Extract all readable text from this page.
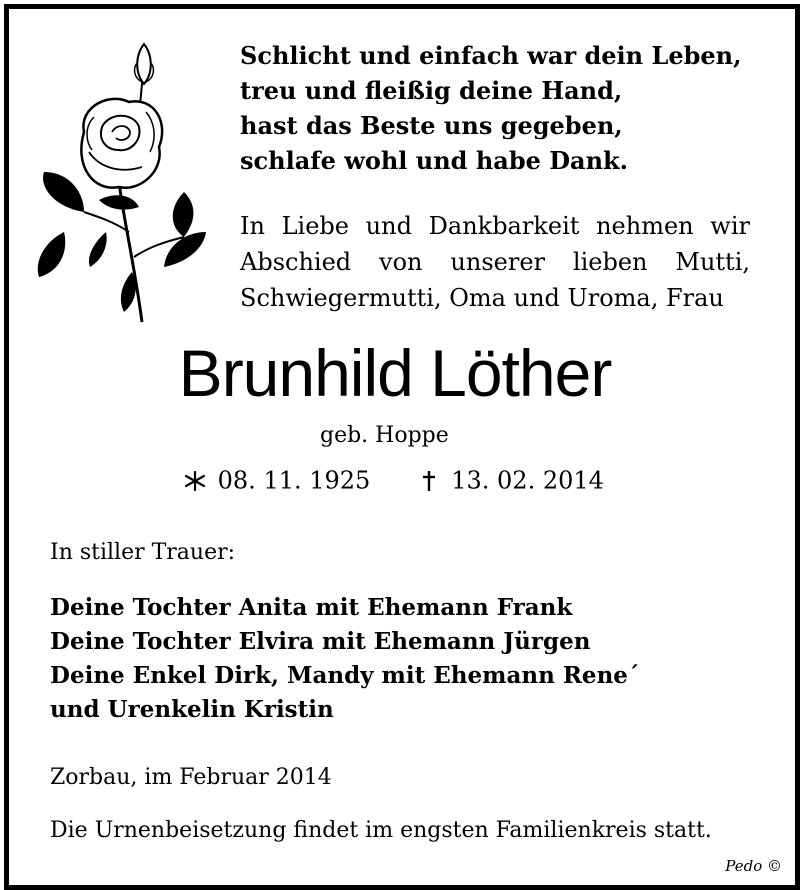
Schlicht und einfach war dein Leben,
treu und fleißig deine Hand,
hast das Beste uns gegeben,
schlafe wohl und habe Dank.
In Liebe und Dankbarkeit nehmen wir
Abschied von unserer lieben Mutti,
Schwiegermutti, Oma und Uroma, Frau
Brunhild Löther
geb. Hoppe
08. 11. 1925	13. 02. 2014
In stiller Trauer:
Deine Tochter Anita mit Ehemann Frank
Deine Tochter Elvira mit Ehemann Jürgen
Deine Enkel Dirk, Mandy mit Ehemann Rene´
und Urenkelin Kristin
Zorbau, im Februar 2014
Die Urnenbeisetzung findet im engsten Familienkreis statt.
Pedo ©
